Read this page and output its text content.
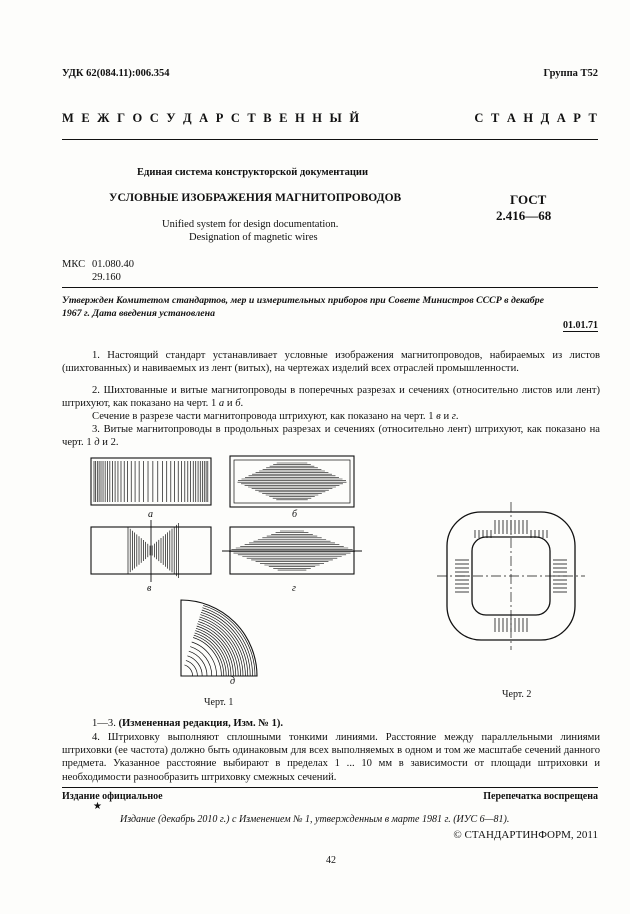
УДК 62(084.11):006.354	Группа Т52
М Е Ж Г О С У Д А Р С Т В Е Н Н Ы Й	С Т А Н Д А Р Т
Единая система конструкторской документации
УСЛОВНЫЕ ИЗОБРАЖЕНИЯ МАГНИТОПРОВОДОВ
Unified system for design documentation.
Designation of magnetic wires
ГОСТ
2.416—68
МКС 01.080.40
29.160
Утвержден Комитетом стандартов, мер и измерительных приборов при Совете Министров СССР в декабре
1967 г. Дата введения установлена
01.01.71

1. Настоящий стандарт устанавливает условные изображения магнитопроводов, набираемых из листов (шихтованных) и навиваемых из лент (витых), на чертежах изделий всех отраслей промышленности.

2. Шихтованные и витые магнитопроводы в поперечных разрезах и сечениях (относительно листов или лент) штрихуют, как показано на черт. 1 а и б.

Сечение в разрезе части магнитопровода штрихуют, как показано на черт. 1 в и г.

3. Витые магнитопроводы в продольных разрезах и сечениях (относительно лент) штрихуют, как показано на черт. 1 д и 2.

а	б
в	г
д
Черт. 1
Черт. 2

1—3. (Измененная редакция, Изм. № 1).

4. Штриховку выполняют сплошными тонкими линиями. Расстояние между параллельными линиями штриховки (ее частота) должно быть одинаковым для всех выполняемых в одном и том же масштабе сечений данного предмета. Указанное расстояние выбирают в пределах 1 ... 10 мм в зависимости от площади штриховки и необходимости разнообразить штриховку смежных сечений.

Издание официальное	Перепечатка воспрещена
★
Издание (декабрь 2010 г.) с Изменением № 1, утвержденным в марте 1981 г. (ИУС 6—81).
© СТАНДАРТИНФОРМ, 2011
42
